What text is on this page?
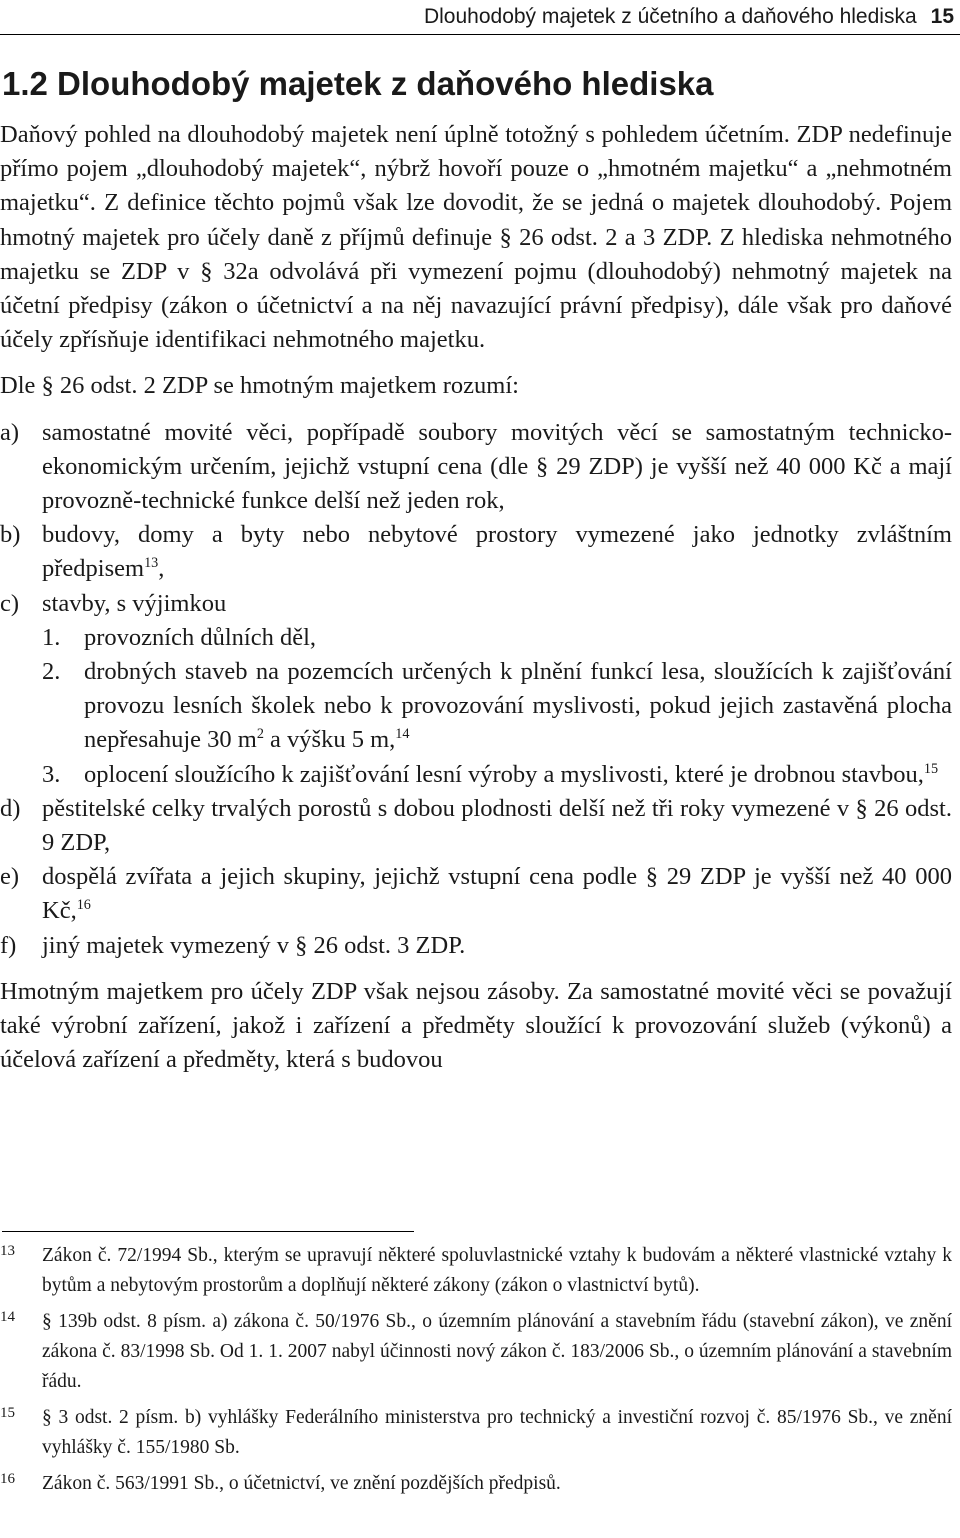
Dlouhodobý majetek z účetního a daňového hlediska 15
1.2 Dlouhodobý majetek z daňového hlediska

Daňový pohled na dlouhodobý majetek není úplně totožný s pohledem účetním. ZDP nedefinuje přímo pojem „dlouhodobý majetek“, nýbrž hovoří pouze o „hmotném majetku“ a „nehmotném majetku“. Z definice těchto pojmů však lze dovodit, že se jedná o majetek dlouhodobý. Pojem hmotný majetek pro účely daně z příjmů definuje § 26 odst. 2 a 3 ZDP. Z hlediska nehmotného majetku se ZDP v § 32a odvolává při vymezení pojmu (dlouhodobý) nehmotný majetek na účetní předpisy (zákon o účetnictví a na něj navazující právní předpisy), dále však pro daňové účely zpřísňuje identifikaci nehmotného majetku.

Dle § 26 odst. 2 ZDP se hmotným majetkem rozumí:

a) samostatné movité věci, popřípadě soubory movitých věcí se samostatným technicko-ekonomickým určením, jejichž vstupní cena (dle § 29 ZDP) je vyšší než 40 000 Kč a mají provozně-technické funkce delší než jeden rok,
b) budovy, domy a byty nebo nebytové prostory vymezené jako jednotky zvláštním předpisem$^{13}$,
c) stavby, s výjimkou
1. provozních důlních děl,
2. drobných staveb na pozemcích určených k plnění funkcí lesa, sloužících k zajišťování provozu lesních školek nebo k provozování myslivosti, pokud jejich zastavěná plocha nepřesahuje 30 $m^2$ a výšku 5 m,$^{14}$
3. oplocení sloužícího k zajišťování lesní výroby a myslivosti, které je drobnou stavbou,$^{15}$
d) pěstitelské celky trvalých porostů s dobou plodnosti delší než tři roky vymezené v § 26 odst. 9 ZDP,
e) dospělá zvířata a jejich skupiny, jejichž vstupní cena podle § 29 ZDP je vyšší než 40 000 Kč,$^{16}$
f)	jiný majetek vymezený v § 26 odst. 3 ZDP.

Hmotným majetkem pro účely ZDP však nejsou zásoby. Za samostatné movité věci se považují také výrobní zařízení, jakož i zařízení a předměty sloužící k provozování služeb (výkonů) a účelová zařízení a předměty, která s budovou

13	Zákon č. 72/1994 Sb., kterým se upravují některé spoluvlastnické vztahy k budovám a některé vlastnické vztahy k bytům a nebytovým prostorům a doplňují některé zákony (zákon o vlastnictví bytů).
14	§ 139b odst. 8 písm. a) zákona č. 50/1976 Sb., o územním plánování a stavebním řádu (stavební zákon), ve znění zákona č. 83/1998 Sb. Od 1. 1. 2007 nabyl účinnosti nový zákon č. 183/2006 Sb., o územním plánování a stavebním řádu.
15	§ 3 odst. 2 písm. b) vyhlášky Federálního ministerstva pro technický a investiční rozvoj č. 85/1976 Sb., ve znění vyhlášky č. 155/1980 Sb.
16	Zákon č. 563/1991 Sb., o účetnictví, ve znění pozdějších předpisů.
